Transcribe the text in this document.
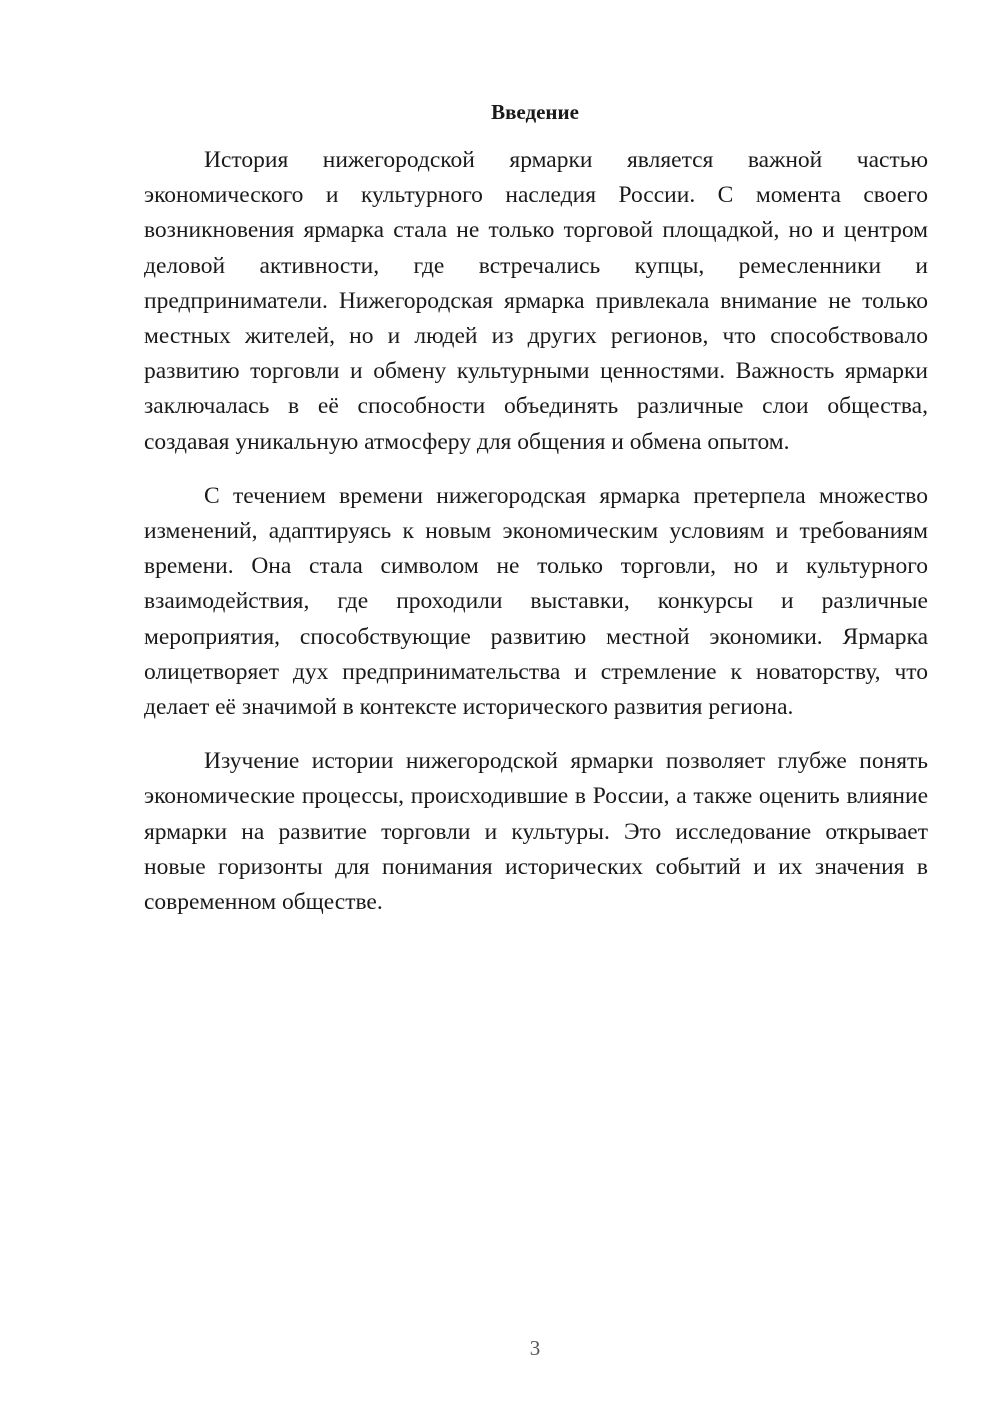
Введение

История нижегородской ярмарки является важной частью экономического и культурного наследия России. С момента своего возникновения ярмарка стала не только торговой площадкой, но и центром деловой активности, где встречались купцы, ремесленники и предприниматели. Нижегородская ярмарка привлекала внимание не только местных жителей, но и людей из других регионов, что способствовало развитию торговли и обмену культурными ценностями. Важность ярмарки заключалась в её способности объединять различные слои общества, создавая уникальную атмосферу для общения и обмена опытом.

С течением времени нижегородская ярмарка претерпела множество изменений, адаптируясь к новым экономическим условиям и требованиям времени. Она стала символом не только торговли, но и культурного взаимодействия, где проходили выставки, конкурсы и различные мероприятия, способствующие развитию местной экономики. Ярмарка олицетворяет дух предпринимательства и стремление к новаторству, что делает её значимой в контексте исторического развития региона.

Изучение истории нижегородской ярмарки позволяет глубже понять экономические процессы, происходившие в России, а также оценить влияние ярмарки на развитие торговли и культуры. Это исследование открывает новые горизонты для понимания исторических событий и их значения в современном обществе.

3
